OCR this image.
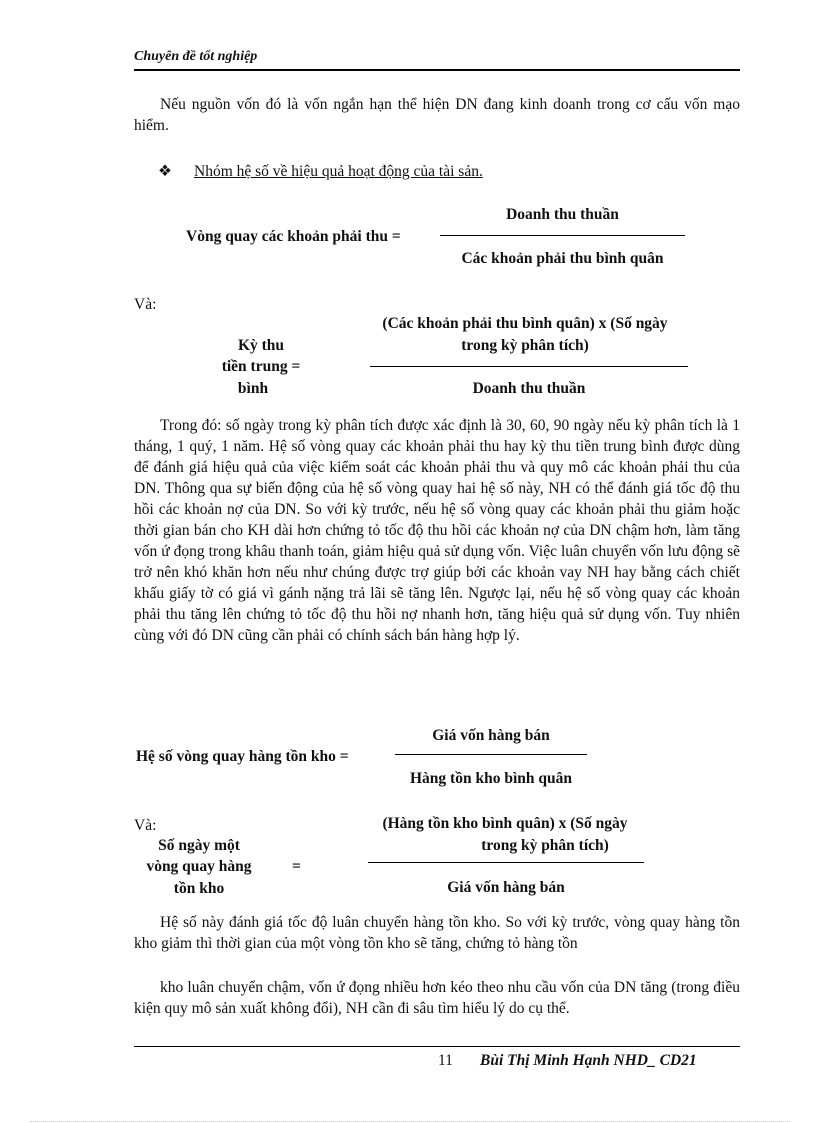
Chuyên đề tốt nghiệp
Nếu nguồn vốn đó là vốn ngắn hạn thể hiện DN đang kinh doanh trong cơ cấu vốn mạo hiểm.
❖ Nhóm hệ số về hiệu quả hoạt động của tài sản.
Vòng quay các khoản phải thu =
Doanh thu thuần
Các khoản phải thu bình quân
Và:
Kỳ thu
tiền trung =
bình
(Các khoản phải thu bình quân) x (Số ngày
trong kỳ phân tích)
Doanh thu thuần
Trong đó: số ngày trong kỳ phân tích được xác định là 30, 60, 90 ngày nếu kỳ phân tích là 1 tháng, 1 quý, 1 năm. Hệ số vòng quay các khoản phải thu hay kỳ thu tiền trung bình được dùng để đánh giá hiệu quả của việc kiểm soát các khoản phải thu và quy mô các khoản phải thu của DN. Thông qua sự biến động của hệ số vòng quay hai hệ số này, NH có thể đánh giá tốc độ thu hồi các khoản nợ của DN. So với kỳ trước, nếu hệ số vòng quay các khoản phải thu giảm hoặc thời gian bán cho KH dài hơn chứng tỏ tốc độ thu hồi các khoản nợ của DN chậm hơn, làm tăng vốn ứ đọng trong khâu thanh toán, giảm hiệu quả sử dụng vốn. Việc luân chuyển vốn lưu động sẽ trở nên khó khăn hơn nếu như chúng được trợ giúp bởi các khoản vay NH hay bằng cách chiết khấu giấy tờ có giá vì gánh nặng trả lãi sẽ tăng lên. Ngược lại, nếu hệ số vòng quay các khoản phải thu tăng lên chứng tỏ tốc độ thu hồi nợ nhanh hơn, tăng hiệu quả sử dụng vốn. Tuy nhiên cùng với đó DN cũng cần phải có chính sách bán hàng hợp lý.
Hệ số vòng quay hàng tồn kho =
Giá vốn hàng bán
Hàng tồn kho bình quân
Và:
Số ngày một
vòng quay hàng
tồn kho
=
(Hàng tồn kho bình quân) x (Số ngày
trong kỳ phân tích)
Giá vốn hàng bán
Hệ số này đánh giá tốc độ luân chuyển hàng tồn kho. So với kỳ trước, vòng quay hàng tồn kho giảm thì thời gian của một vòng tồn kho sẽ tăng, chứng tỏ hàng tồn
kho luân chuyển chậm, vốn ứ đọng nhiều hơn kéo theo nhu cầu vốn của DN tăng (trong điều kiện quy mô sản xuất không đổi), NH cần đi sâu tìm hiểu lý do cụ thể.
11 Bùi Thị Minh Hạnh NHD_ CD21
